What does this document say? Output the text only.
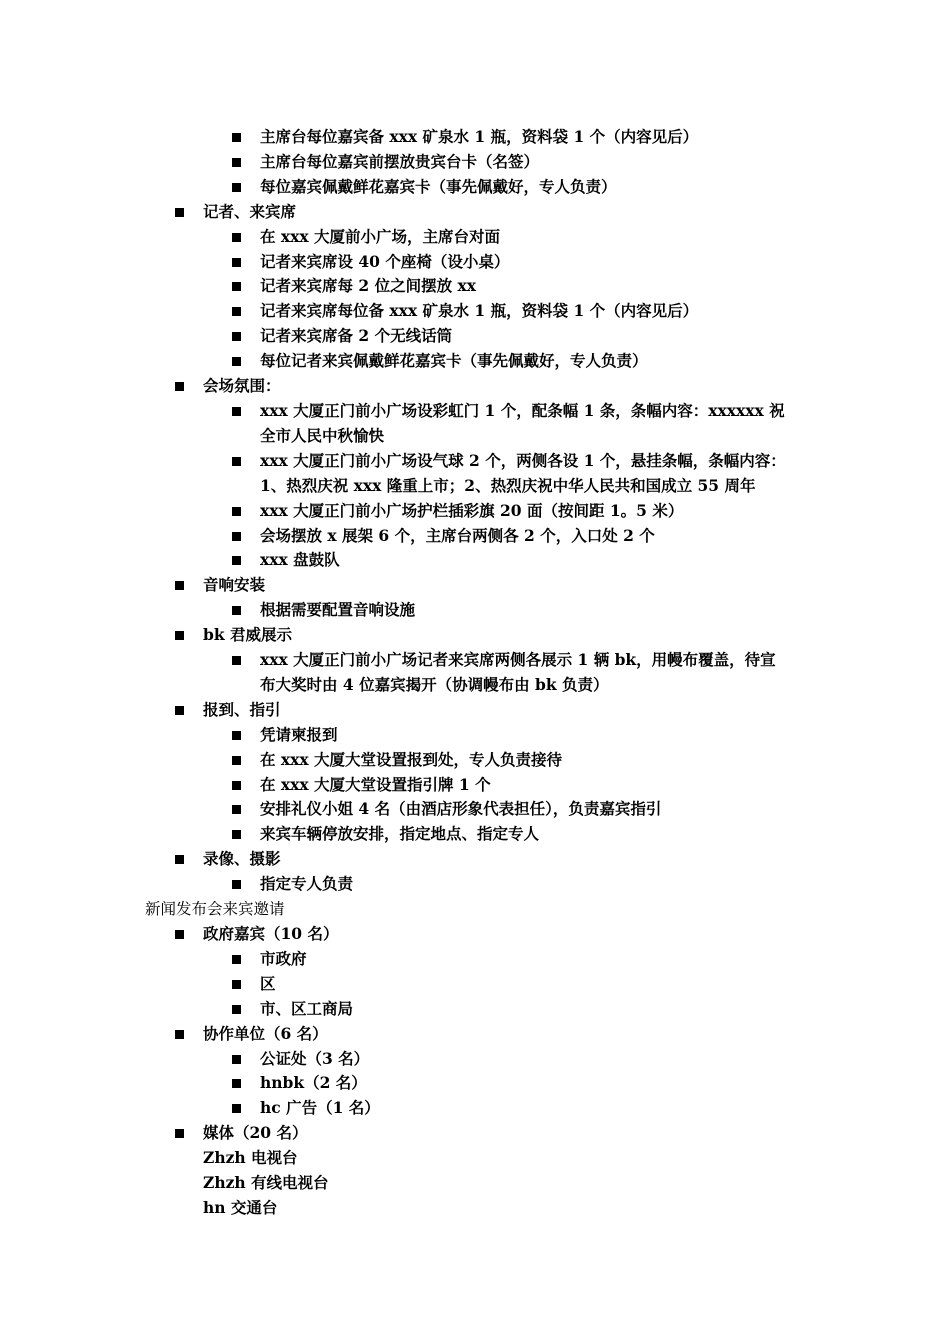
主席台每位嘉宾备 xxx 矿泉水 1 瓶，资料袋 1 个（内容见后）
主席台每位嘉宾前摆放贵宾台卡（名签）
每位嘉宾佩戴鲜花嘉宾卡（事先佩戴好，专人负责）
记者、来宾席
在 xxx 大厦前小广场，主席台对面
记者来宾席设 40 个座椅（设小桌）
记者来宾席每 2 位之间摆放 xx
记者来宾席每位备 xxx 矿泉水 1 瓶，资料袋 1 个（内容见后）
记者来宾席备 2 个无线话筒
每位记者来宾佩戴鲜花嘉宾卡（事先佩戴好，专人负责）
会场氛围：
xxx 大厦正门前小广场设彩虹门 1 个，配条幅 1 条，条幅内容：xxxxxx 祝
全市人民中秋愉快
xxx 大厦正门前小广场设气球 2 个，两侧各设 1 个，悬挂条幅，条幅内容：
1、热烈庆祝 xxx 隆重上市；2、热烈庆祝中华人民共和国成立 55 周年
xxx 大厦正门前小广场护栏插彩旗 20 面（按间距 1。5 米）
会场摆放 x 展架 6 个，主席台两侧各 2 个，入口处 2 个
xxx 盘鼓队
音响安装
根据需要配置音响设施
bk 君威展示
xxx 大厦正门前小广场记者来宾席两侧各展示 1 辆 bk，用幔布覆盖，待宣
布大奖时由 4 位嘉宾揭开（协调幔布由 bk 负责）
报到、指引
凭请柬报到
在 xxx 大厦大堂设置报到处，专人负责接待
在 xxx 大厦大堂设置指引牌 1 个
安排礼仪小姐 4 名（由酒店形象代表担任），负责嘉宾指引
来宾车辆停放安排，指定地点、指定专人
录像、摄影
指定专人负责
新闻发布会来宾邀请
政府嘉宾（10 名）
市政府
区
市、区工商局
协作单位（6 名）
公证处（3 名）
hnbk（2 名）
hc 广告（1 名）
媒体（20 名）
Zhzh 电视台
Zhzh 有线电视台
hn 交通台
